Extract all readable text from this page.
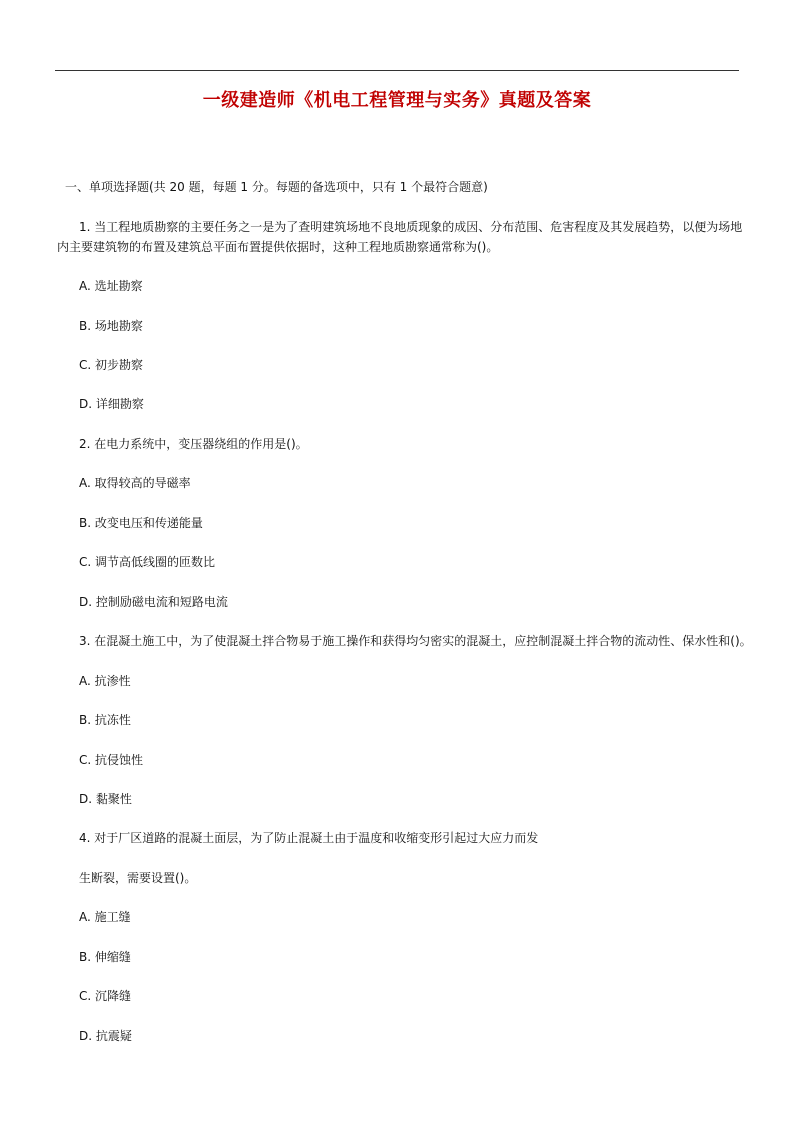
一级建造师《机电工程管理与实务》真题及答案
一、单项选择题(共 20 题，每题 1 分。每题的备选项中，只有 1 个最符合题意)
1. 当工程地质勘察的主要任务之一是为了查明建筑场地不良地质现象的成因、分布范围、危害程度及其发展趋势，以便为场地
内主要建筑物的布置及建筑总平面布置提供依据时，这种工程地质勘察通常称为()。
A. 选址勘察
B. 场地勘察
C. 初步勘察
D. 详细勘察
2. 在电力系统中，变压器绕组的作用是()。
A. 取得较高的导磁率
B. 改变电压和传递能量
C. 调节高低线圈的匝数比
D. 控制励磁电流和短路电流
3. 在混凝土施工中，为了使混凝土拌合物易于施工操作和获得均匀密实的混凝土，应控制混凝土拌合物的流动性、保水性和()。
A. 抗渗性
B. 抗冻性
C. 抗侵蚀性
D. 黏聚性
4. 对于厂区道路的混凝土面层，为了防止混凝土由于温度和收缩变形引起过大应力而发
生断裂，需要设置()。
A. 施工缝
B. 伸缩缝
C. 沉降缝
D. 抗震疑
